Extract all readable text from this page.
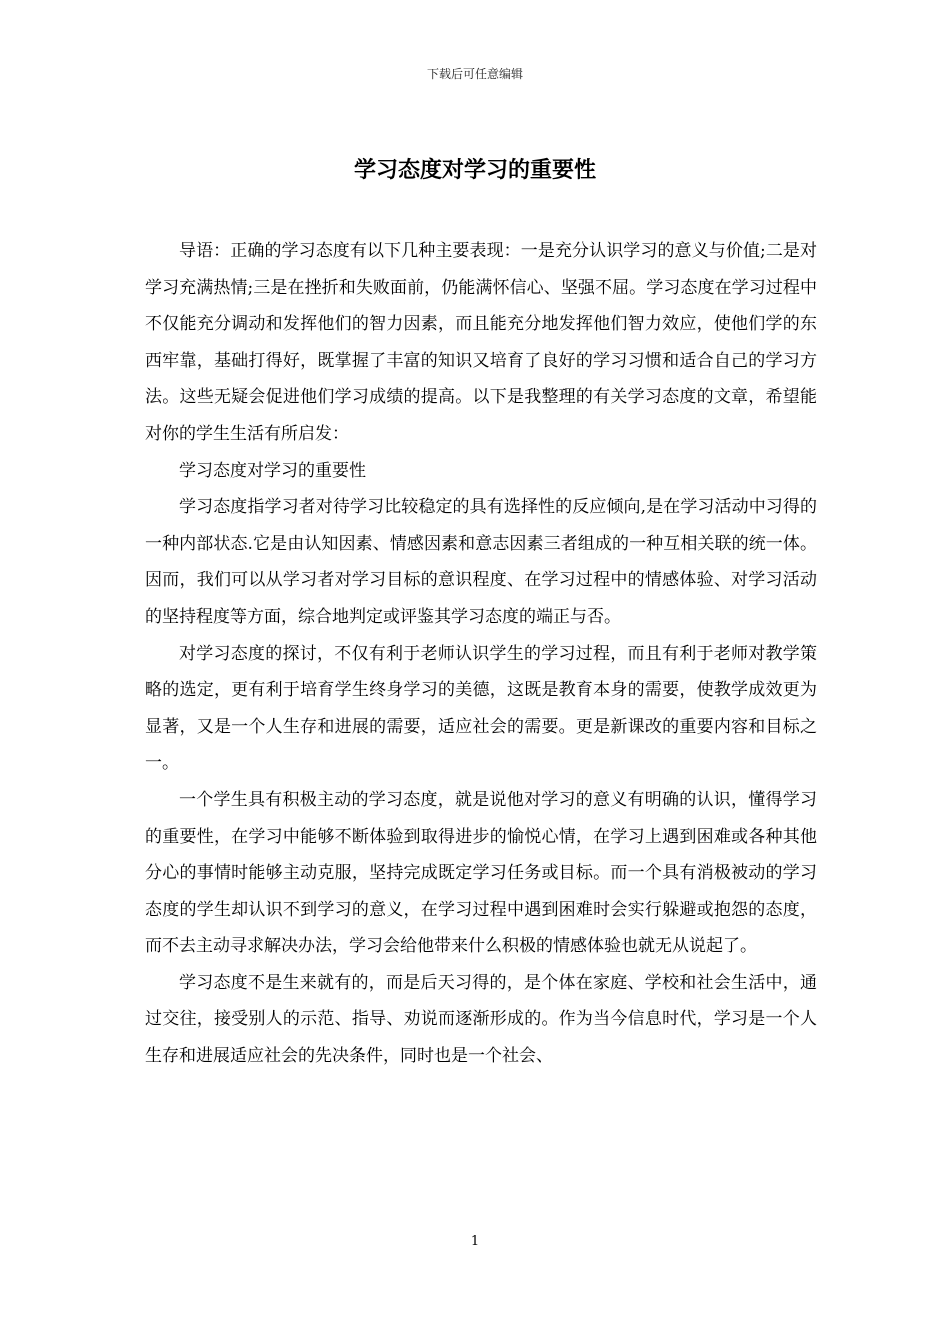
下载后可任意编辑
学习态度对学习的重要性

导语：正确的学习态度有以下几种主要表现：一是充分认识学习的意义与价值;二是对学习充满热情;三是在挫折和失败面前，仍能满怀信心、坚强不屈。学习态度在学习过程中不仅能充分调动和发挥他们的智力因素，而且能充分地发挥他们智力效应，使他们学的东西牢靠，基础打得好，既掌握了丰富的知识又培育了良好的学习习惯和适合自己的学习方法。这些无疑会促进他们学习成绩的提高。以下是我整理的有关学习态度的文章，希望能对你的学生生活有所启发：

学习态度对学习的重要性

学习态度指学习者对待学习比较稳定的具有选择性的反应倾向,是在学习活动中习得的一种内部状态.它是由认知因素、情感因素和意志因素三者组成的一种互相关联的统一体。因而，我们可以从学习者对学习目标的意识程度、在学习过程中的情感体验、对学习活动的坚持程度等方面，综合地判定或评鉴其学习态度的端正与否。

对学习态度的探讨，不仅有利于老师认识学生的学习过程，而且有利于老师对教学策略的选定，更有利于培育学生终身学习的美德，这既是教育本身的需要，使教学成效更为显著，又是一个人生存和进展的需要，适应社会的需要。更是新课改的重要内容和目标之一。

一个学生具有积极主动的学习态度，就是说他对学习的意义有明确的认识，懂得学习的重要性，在学习中能够不断体验到取得进步的愉悦心情，在学习上遇到困难或各种其他分心的事情时能够主动克服，坚持完成既定学习任务或目标。而一个具有消极被动的学习态度的学生却认识不到学习的意义，在学习过程中遇到困难时会实行躲避或抱怨的态度，而不去主动寻求解决办法，学习会给他带来什么积极的情感体验也就无从说起了。

学习态度不是生来就有的，而是后天习得的，是个体在家庭、学校和社会生活中，通过交往，接受别人的示范、指导、劝说而逐渐形成的。作为当今信息时代，学习是一个人生存和进展适应社会的先决条件，同时也是一个社会、

1
